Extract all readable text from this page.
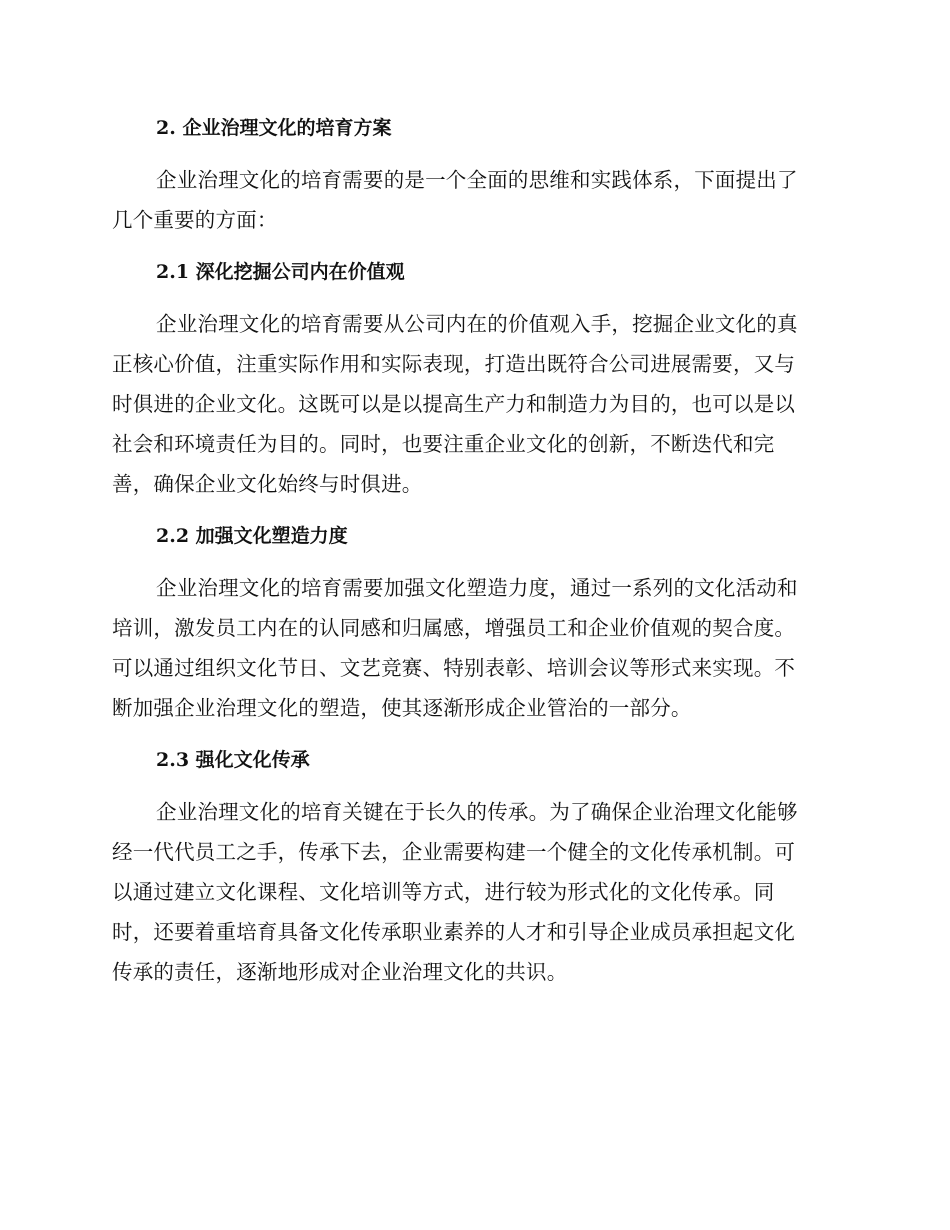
2. 企业治理文化的培育方案
企业治理文化的培育需要的是一个全面的思维和实践体系，下面提出了
几个重要的方面：
2.1 深化挖掘公司内在价值观
企业治理文化的培育需要从公司内在的价值观入手，挖掘企业文化的真
正核心价值，注重实际作用和实际表现，打造出既符合公司进展需要，又与
时俱进的企业文化。这既可以是以提高生产力和制造力为目的，也可以是以
社会和环境责任为目的。同时，也要注重企业文化的创新，不断迭代和完
善，确保企业文化始终与时俱进。
2.2 加强文化塑造力度
企业治理文化的培育需要加强文化塑造力度，通过一系列的文化活动和
培训，激发员工内在的认同感和归属感，增强员工和企业价值观的契合度。
可以通过组织文化节日、文艺竞赛、特别表彰、培训会议等形式来实现。不
断加强企业治理文化的塑造，使其逐渐形成企业管治的一部分。
2.3 强化文化传承
企业治理文化的培育关键在于长久的传承。为了确保企业治理文化能够
经一代代员工之手，传承下去，企业需要构建一个健全的文化传承机制。可
以通过建立文化课程、文化培训等方式，进行较为形式化的文化传承。同
时，还要着重培育具备文化传承职业素养的人才和引导企业成员承担起文化
传承的责任，逐渐地形成对企业治理文化的共识。
